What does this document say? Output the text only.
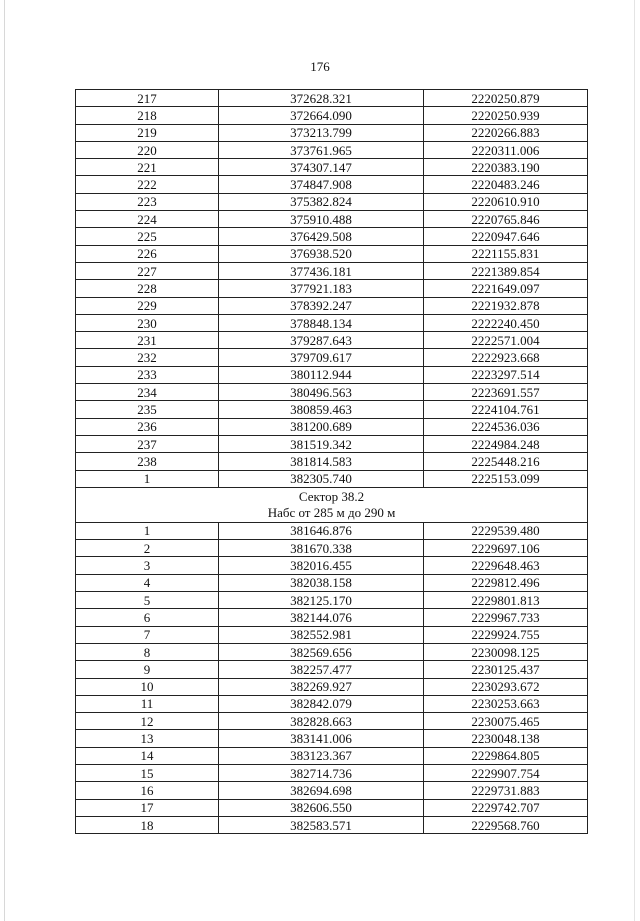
176
217	372628.321	2220250.879
218	372664.090	2220250.939
219	373213.799	2220266.883
220	373761.965	2220311.006
221	374307.147	2220383.190
222	374847.908	2220483.246
223	375382.824	2220610.910
224	375910.488	2220765.846
225	376429.508	2220947.646
226	376938.520	2221155.831
227	377436.181	2221389.854
228	377921.183	2221649.097
229	378392.247	2221932.878
230	378848.134	2222240.450
231	379287.643	2222571.004
232	379709.617	2222923.668
233	380112.944	2223297.514
234	380496.563	2223691.557
235	380859.463	2224104.761
236	381200.689	2224536.036
237	381519.342	2224984.248
238	381814.583	2225448.216
1	382305.740	2225153.099

Сектор 38.2
Набс от 285 м до 290 м		

1	381646.876	2229539.480
2	381670.338	2229697.106
3	382016.455	2229648.463
4	382038.158	2229812.496
5	382125.170	2229801.813
6	382144.076	2229967.733
7	382552.981	2229924.755
8	382569.656	2230098.125
9	382257.477	2230125.437
10	382269.927	2230293.672
11	382842.079	2230253.663
12	382828.663	2230075.465
13	383141.006	2230048.138
14	383123.367	2229864.805
15	382714.736	2229907.754
16	382694.698	2229731.883
17	382606.550	2229742.707
18	382583.571	2229568.760
